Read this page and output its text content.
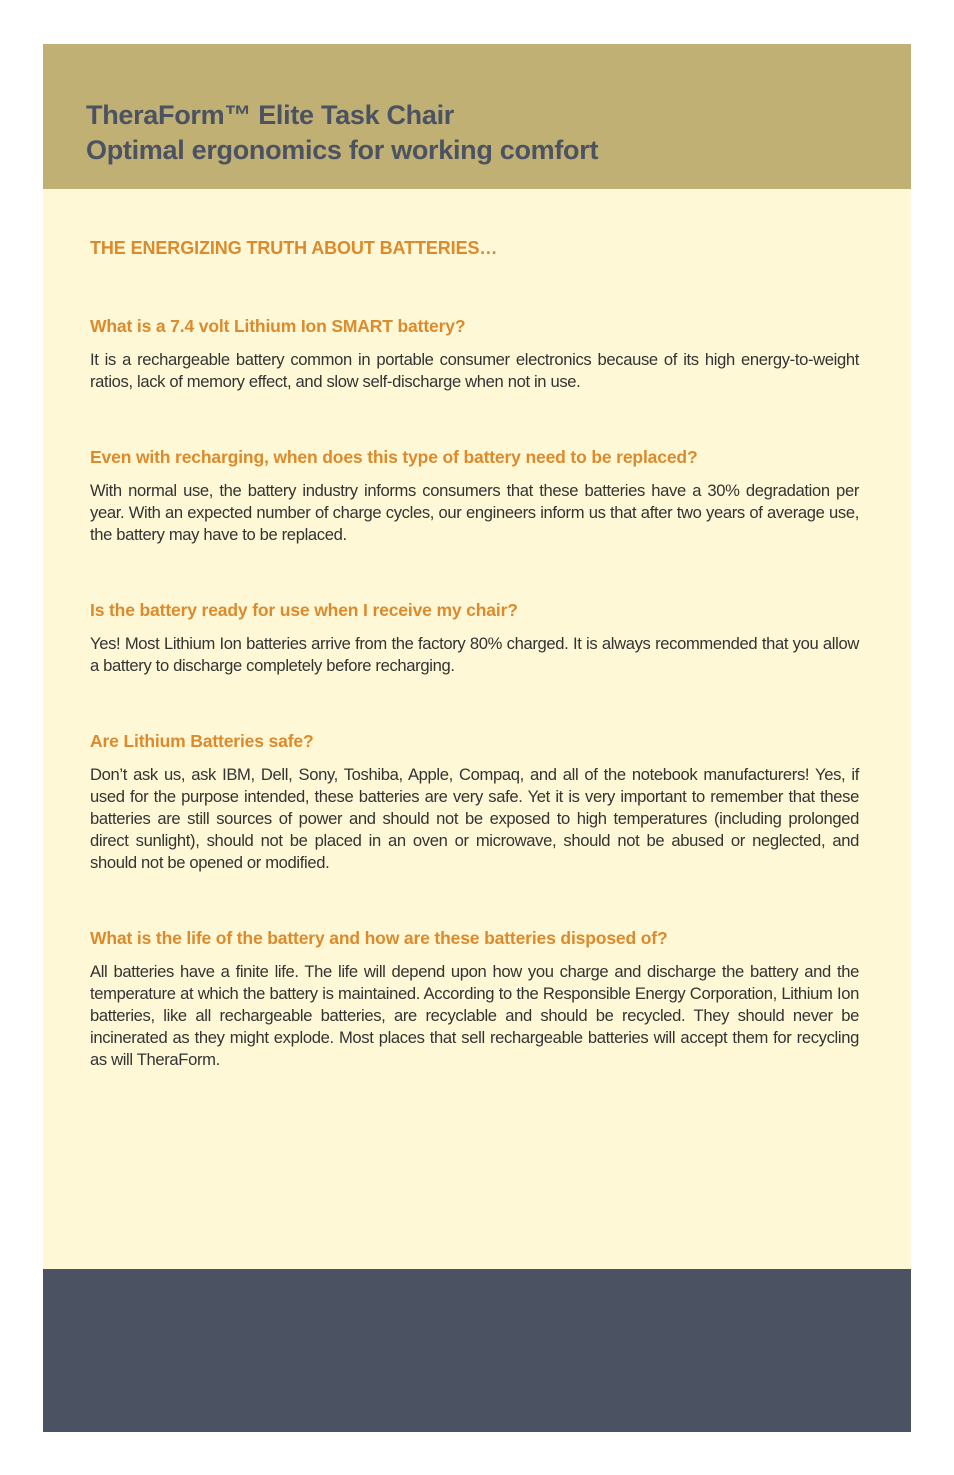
TheraForm™ Elite Task Chair
Optimal ergonomics for working comfort
THE ENERGIZING TRUTH ABOUT BATTERIES…
What is a 7.4 volt Lithium Ion SMART battery?

It is a rechargeable battery common in portable consumer electronics because of its high energy-to-weight ratios, lack of memory effect, and slow self-discharge when not in use.

Even with recharging, when does this type of battery need to be replaced?

With normal use, the battery industry informs consumers that these batteries have a 30% degradation per year. With an expected number of charge cycles, our engineers inform us that after two years of average use, the battery may have to be replaced.

Is the battery ready for use when I receive my chair?

Yes! Most Lithium Ion batteries arrive from the factory 80% charged. It is always recommended that you allow a battery to discharge completely before recharging.

Are Lithium Batteries safe?

Don’t ask us, ask IBM, Dell, Sony, Toshiba, Apple, Compaq, and all of the notebook manufacturers! Yes, if used for the purpose intended, these batteries are very safe. Yet it is very important to remember that these batteries are still sources of power and should not be exposed to high temperatures (including prolonged direct sunlight), should not be placed in an oven or microwave, should not be abused or neglected, and should not be opened or modified.

What is the life of the battery and how are these batteries disposed of?

All batteries have a finite life. The life will depend upon how you charge and discharge the battery and the temperature at which the battery is maintained. According to the Responsible Energy Corporation, Lithium Ion batteries, like all rechargeable batteries, are recyclable and should be recycled. They should never be incinerated as they might explode. Most places that sell rechargeable batteries will accept them for recycling as will TheraForm.
